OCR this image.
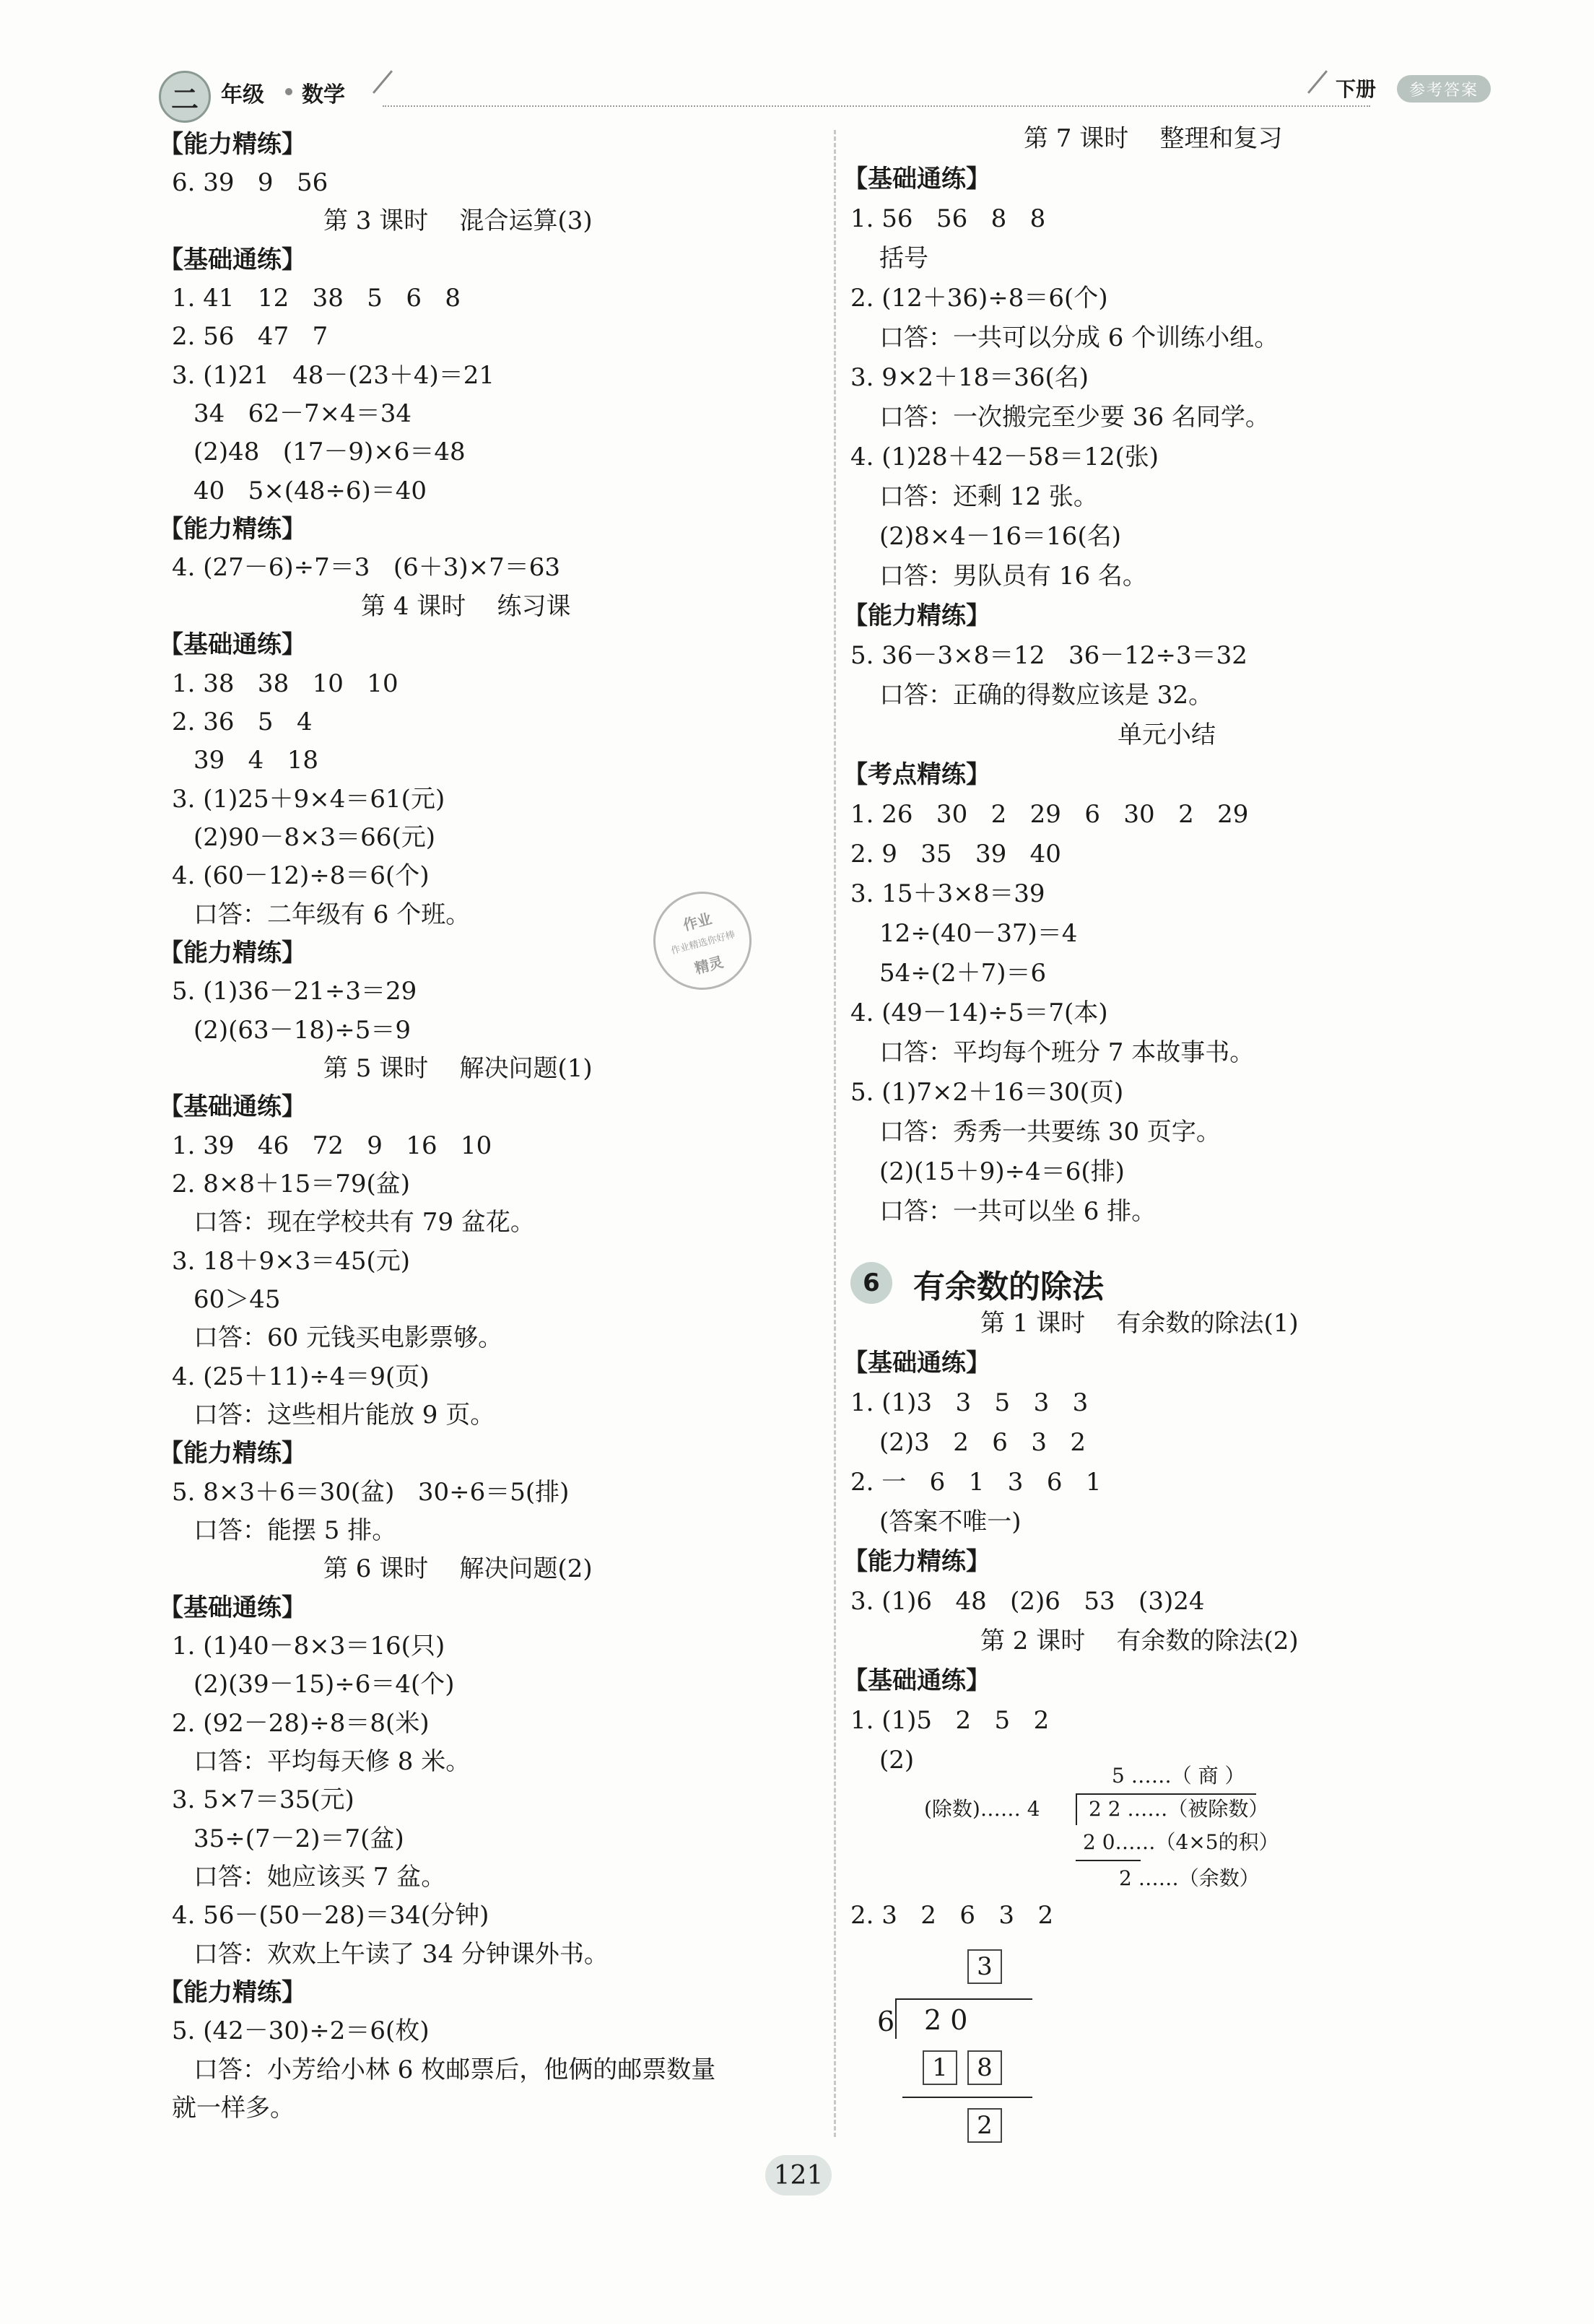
二	年级 数学	下册	参考答案
6	有余数的除法
5 ……（ 商 ）
(除数)…… 4 2 2 ……（被除数）
2 0……（4×5的积）
2 ……（余数）
3
6 2 0
1	8
2
作业
作业精选你好棒
精灵
121
【能力精练】
6. 39   9   56
第 3 课时    混合运算(3)
【基础通练】
1. 41   12   38   5   6   8
2. 56   47   7
3. (1)21   48－(23＋4)＝21
34   62－7×4＝34
(2)48   (17－9)×6＝48
40   5×(48÷6)＝40
【能力精练】
4. (27－6)÷7＝3   (6＋3)×7＝63
第 4 课时    练习课
【基础通练】
1. 38   38   10   10
2. 36   5   4
39   4   18
3. (1)25＋9×4＝61(元)
(2)90－8×3＝66(元)
4. (60－12)÷8＝6(个)
口答：二年级有 6 个班。
【能力精练】
5. (1)36－21÷3＝29
(2)(63－18)÷5＝9
第 5 课时    解决问题(1)
【基础通练】
1. 39   46   72   9   16   10
2. 8×8＋15＝79(盆)
口答：现在学校共有 79 盆花。
3. 18＋9×3＝45(元)
60＞45
口答：60 元钱买电影票够。
4. (25＋11)÷4＝9(页)
口答：这些相片能放 9 页。
【能力精练】
5. 8×3＋6＝30(盆)   30÷6＝5(排)
口答：能摆 5 排。
第 6 课时    解决问题(2)
【基础通练】
1. (1)40－8×3＝16(只)
(2)(39－15)÷6＝4(个)
2. (92－28)÷8＝8(米)
口答：平均每天修 8 米。
3. 5×7＝35(元)
35÷(7－2)＝7(盆)
口答：她应该买 7 盆。
4. 56－(50－28)＝34(分钟)
口答：欢欢上午读了 34 分钟课外书。
【能力精练】
5. (42－30)÷2＝6(枚)
口答：小芳给小林 6 枚邮票后，他俩的邮票数量
就一样多。
第 7 课时    整理和复习
【基础通练】
1. 56   56   8   8
括号
2. (12＋36)÷8＝6(个)
口答：一共可以分成 6 个训练小组。
3. 9×2＋18＝36(名)
口答：一次搬完至少要 36 名同学。
4. (1)28＋42－58＝12(张)
口答：还剩 12 张。
(2)8×4－16＝16(名)
口答：男队员有 16 名。
【能力精练】
5. 36－3×8＝12   36－12÷3＝32
口答：正确的得数应该是 32。
单元小结
【考点精练】
1. 26   30   2   29   6   30   2   29
2. 9   35   39   40
3. 15＋3×8＝39
12÷(40－37)＝4
54÷(2＋7)＝6
4. (49－14)÷5＝7(本)
口答：平均每个班分 7 本故事书。
5. (1)7×2＋16＝30(页)
口答：秀秀一共要练 30 页字。
(2)(15＋9)÷4＝6(排)
口答：一共可以坐 6 排。
第 1 课时    有余数的除法(1)
【基础通练】
1. (1)3   3   5   3   3
(2)3   2   6   3   2
2. 一   6   1   3   6   1
(答案不唯一)
【能力精练】
3. (1)6   48   (2)6   53   (3)24
第 2 课时    有余数的除法(2)
【基础通练】
1. (1)5   2   5   2
(2)
2. 3   2   6   3   2
